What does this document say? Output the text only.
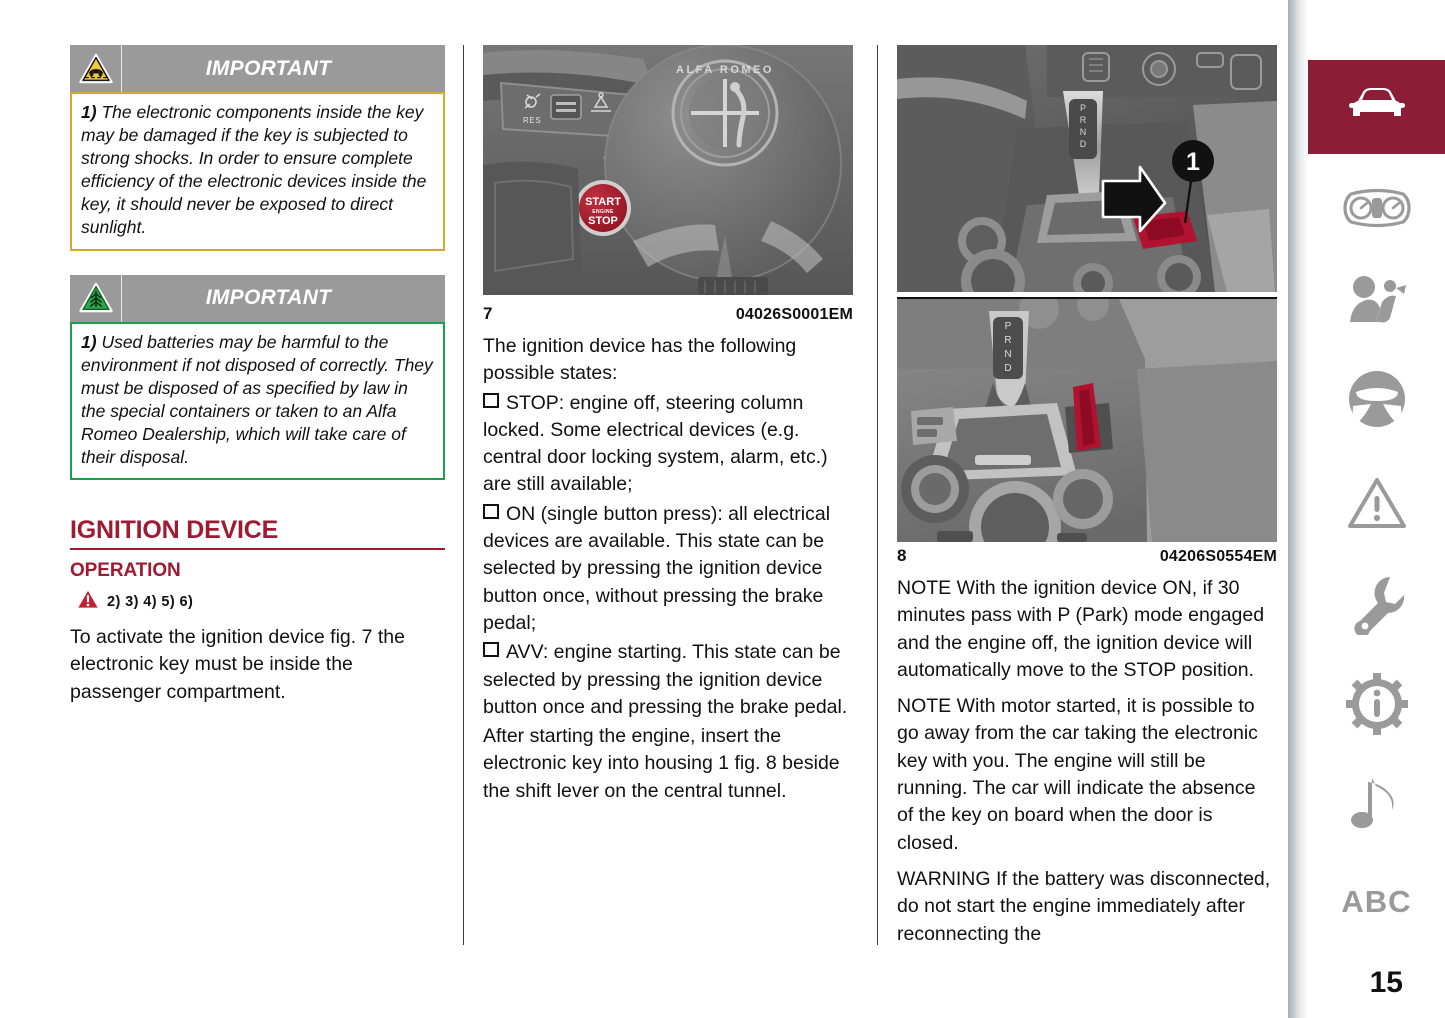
IMPORTANT
1) The electronic components inside the key may be damaged if the key is subjected to strong shocks. In order to ensure complete efficiency of the electronic devices inside the key, it should never be exposed to direct sunlight.
IMPORTANT
1) Used batteries may be harmful to the environment if not disposed of correctly. They must be disposed of as specified by law in the special containers or taken to an Alfa Romeo Dealership, which will take care of their disposal.
IGNITION DEVICE
OPERATION
2) 3) 4) 5) 6)

To activate the ignition device fig. 7 the electronic key must be inside the passenger compartment.

RES
ALFA ROMEO
START
ENGINE
STOP
7	04026S0001EM

The ignition device has the following possible states:

STOP: engine off, steering column locked. Some electrical devices (e.g. central door locking system, alarm, etc.) are still available;

ON (single button press): all electrical devices are available. This state can be selected by pressing the ignition device button once, without pressing the brake pedal;

AVV: engine starting. This state can be selected by pressing the ignition device button once and pressing the brake pedal.

After starting the engine, insert the electronic key into housing 1 fig. 8 beside the shift lever on the central tunnel.

P
R
N
D
1
P
R
N
D
8	04206S0554EM

NOTE With the ignition device ON, if 30 minutes pass with P (Park) mode engaged and the engine off, the ignition device will automatically move to the STOP position.

NOTE With motor started, it is possible to go away from the car taking the electronic key with you. The engine will still be running. The car will indicate the absence of the key on board when the door is closed.

WARNING If the battery was disconnected, do not start the engine immediately after reconnecting the

ABC
15
